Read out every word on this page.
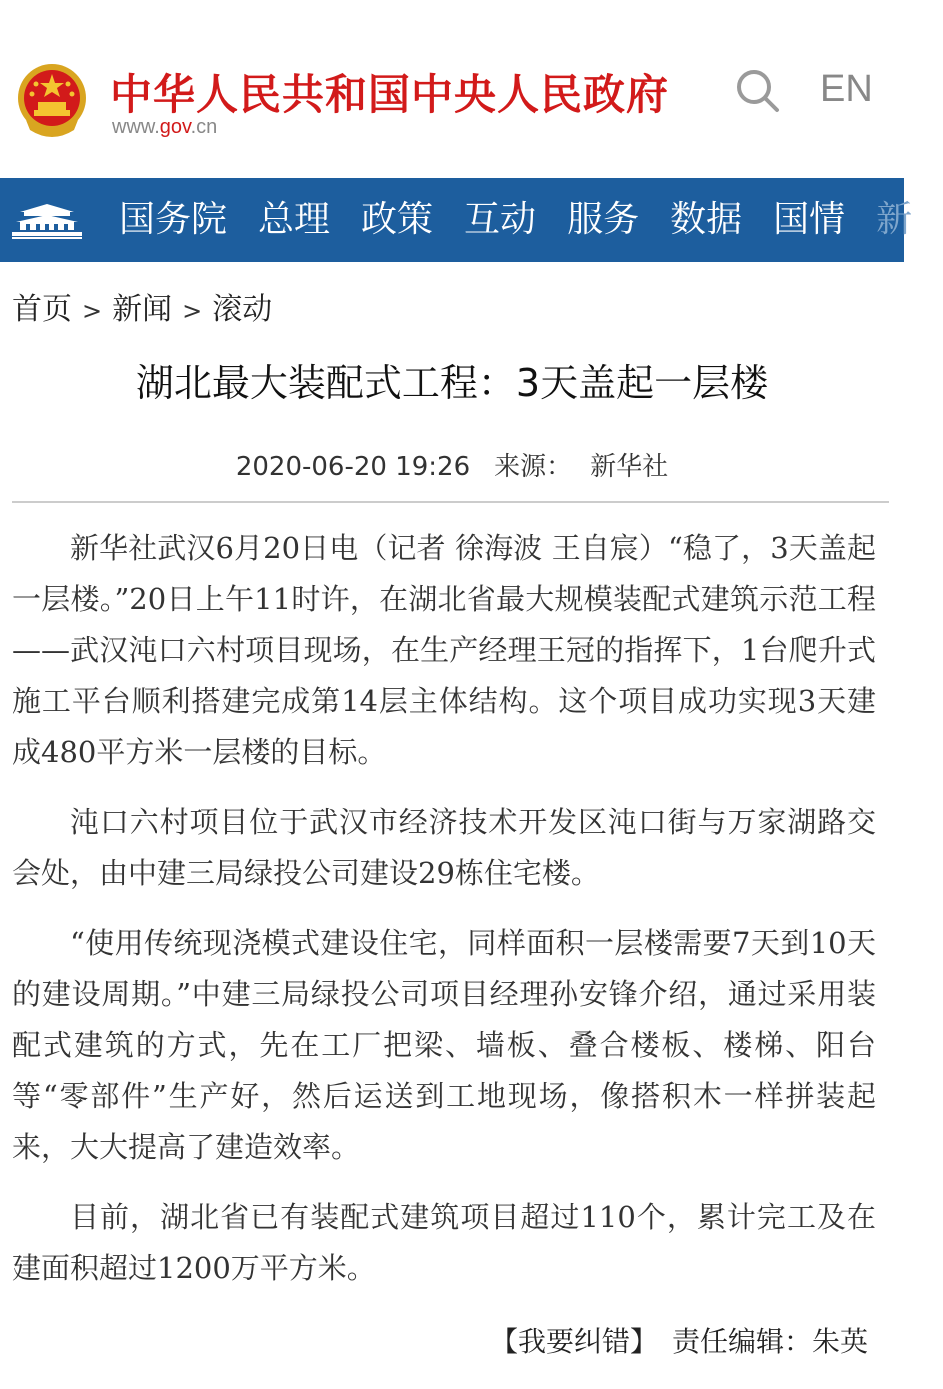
中华人民共和国中央人民政府
www.gov.cn
EN
国务院 总理 政策 互动 服务 数据 国情 新
首页 > 新闻 > 滚动
湖北最大装配式工程：3天盖起一层楼
2020-06-20 19:26 来源： 新华社

新华社武汉6月20日电（记者 徐海波 王自宸）“稳了，3天盖起一层楼。”20日上午11时许，在湖北省最大规模装配式建筑示范工程——武汉沌口六村项目现场，在生产经理王冠的指挥下，1台爬升式施工平台顺利搭建完成第14层主体结构。这个项目成功实现3天建成480平方米一层楼的目标。

沌口六村项目位于武汉市经济技术开发区沌口街与万家湖路交会处，由中建三局绿投公司建设29栋住宅楼。

“使用传统现浇模式建设住宅，同样面积一层楼需要7天到10天的建设周期。”中建三局绿投公司项目经理孙安锋介绍，通过采用装配式建筑的方式，先在工厂把梁、墙板、叠合楼板、楼梯、阳台等“零部件”生产好，然后运送到工地现场，像搭积木一样拼装起来，大大提高了建造效率。

目前，湖北省已有装配式建筑项目超过110个，累计完工及在建面积超过1200万平方米。

【我要纠错】 责任编辑：朱英
